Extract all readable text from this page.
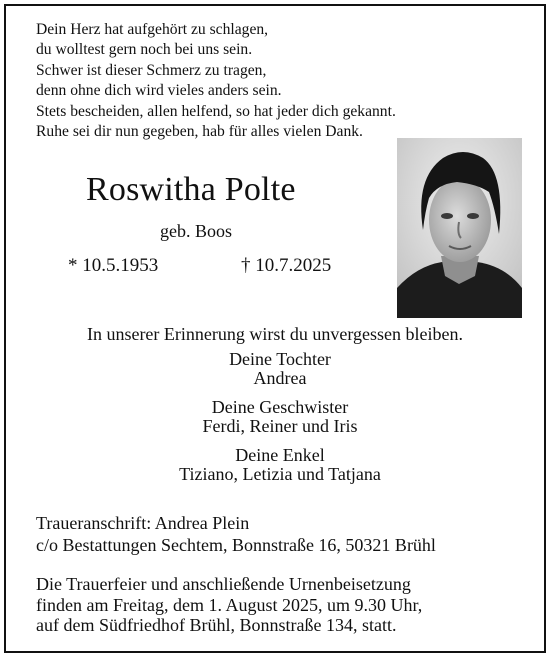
Dein Herz hat aufgehört zu schlagen,
du wolltest gern noch bei uns sein.
Schwer ist dieser Schmerz zu tragen,
denn ohne dich wird vieles anders sein.
Stets bescheiden, allen helfend, so hat jeder dich gekannt.
Ruhe sei dir nun gegeben, hab für alles vielen Dank.
Roswitha Polte
geb. Boos
* 10.5.1953	† 10.7.2025
In unserer Erinnerung wirst du unvergessen bleiben.
Deine Tochter
Andrea
Deine Geschwister
Ferdi, Reiner und Iris
Deine Enkel
Tiziano, Letizia und Tatjana
Traueranschrift: Andrea Plein
c/o Bestattungen Sechtem, Bonnstraße 16, 50321 Brühl
Die Trauerfeier und anschließende Urnenbeisetzung
finden am Freitag, dem 1. August 2025, um 9.30 Uhr,
auf dem Südfriedhof Brühl, Bonnstraße 134, statt.
